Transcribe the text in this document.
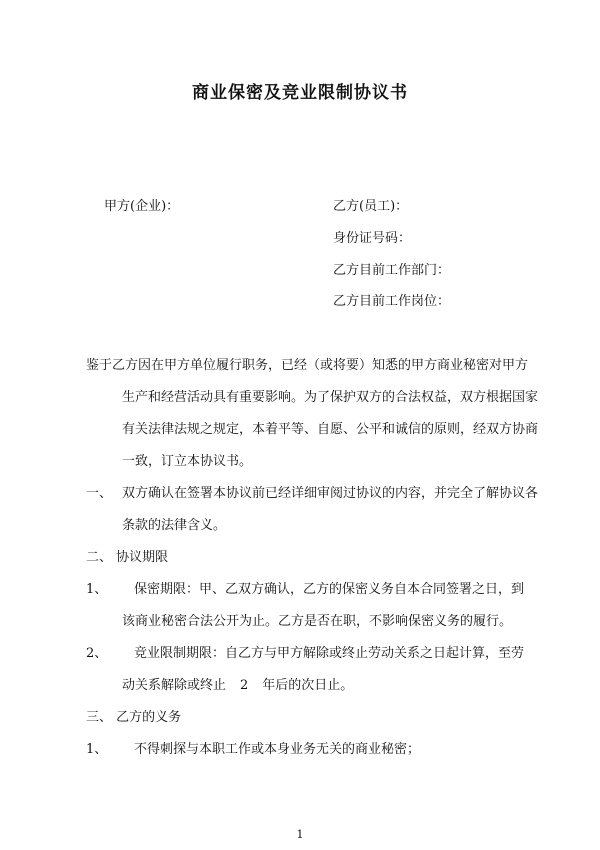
商业保密及竞业限制协议书
甲方(企业)：	乙方(员工)：
身份证号码：
乙方目前工作部门：
乙方目前工作岗位：
鉴于乙方因在甲方单位履行职务，已经（或将要）知悉的甲方商业秘密对甲方
生产和经营活动具有重要影响。为了保护双方的合法权益，双方根据国家
有关法律法规之规定，本着平等、自愿、公平和诚信的原则，经双方协商
一致，订立本协议书。
一、 双方确认在签署本协议前已经详细审阅过协议的内容，并完全了解协议各
条款的法律含义。
二、 协议期限
1、 保密期限：甲、乙双方确认，乙方的保密义务自本合同签署之日，到
该商业秘密合法公开为止。乙方是否在职，不影响保密义务的履行。
2、 竞业限制期限：自乙方与甲方解除或终止劳动关系之日起计算，至劳
动关系解除或终止 2 年后的次日止。
三、 乙方的义务
1、 不得刺探与本职工作或本身业务无关的商业秘密；
1
